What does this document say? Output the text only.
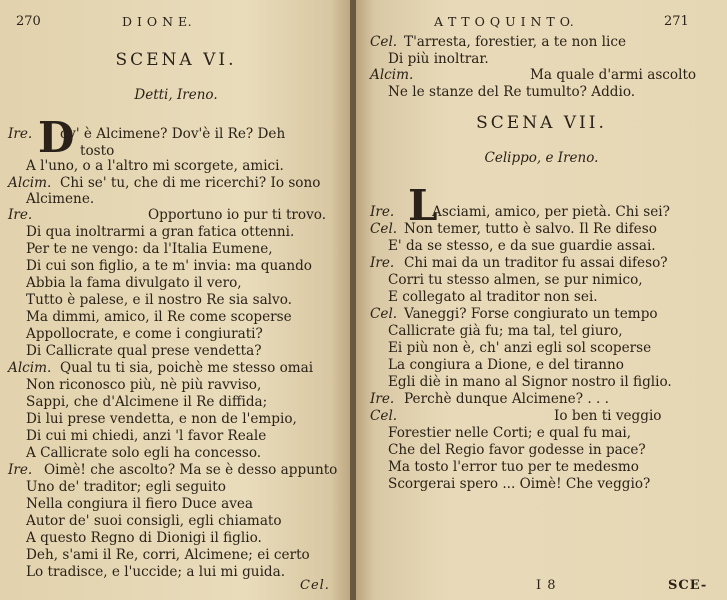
270	D I O N E.
SCENA VI.
Detti, Ireno.
D
Ire. ov' è Alcimene? Dov'è il Re? Deh
tosto
A l'uno, o a l'altro mi scorgete, amici.
Alcim. Chi se' tu, che di me ricerchi? Io sono
Alcimene.
Ire.	Opportuno io pur ti trovo.
Di qua inoltrarmi a gran fatica ottenni.
Per te ne vengo: da l'Italia Eumene,
Di cui son figlio, a te m' invia: ma quando
Abbia la fama divulgato il vero,
Tutto è palese, e il nostro Re sia salvo.
Ma dimmi, amico, il Re come scoperse
Appollocrate, e come i congiurati?
Di Callicrate qual prese vendetta?
Alcim. Qual tu ti sia, poichè me stesso omai
Non riconosco più, nè più ravviso,
Sappi, che d'Alcimene il Re diffida;
Di lui prese vendetta, e non de l'empio,
Di cui mi chiedi, anzi 'l favor Reale
A Callicrate solo egli ha concesso.
Ire. Oimè! che ascolto? Ma se è desso appunto
Uno de' traditor; egli seguito
Nella congiura il fiero Duce avea
Autor de' suoi consigli, egli chiamato
A questo Regno di Dionigi il figlio.
Deh, s'ami il Re, corri, Alcimene; ei certo
Lo tradisce, e l'uccide; a lui mi guida.
Cel.
A T T O Q U I N T O.	271
Cel. T'arresta, forestier, a te non lice
Di più inoltrar.
Alcim.	Ma quale d'armi ascolto
Ne le stanze del Re tumulto? Addio.
SCENA VII.
Celippo, e Ireno.
L
Ire.	Asciami, amico, per pietà. Chi sei?
Cel. Non temer, tutto è salvo. Il Re difeso
E' da se stesso, e da sue guardie assai.
Ire. Chi mai da un traditor fu assai difeso?
Corri tu stesso almen, se pur nimico,
E collegato al traditor non sei.
Cel. Vaneggi? Forse congiurato un tempo
Callicrate già fu; ma tal, tel giuro,
Ei più non è, ch' anzi egli sol scoperse
La congiura a Dione, e del tiranno
Egli diè in mano al Signor nostro il figlio.
Ire. Perchè dunque Alcimene? . . .
Cel.	Io ben ti veggio
Forestier nelle Corti; e qual fu mai,
Che del Regio favor godesse in pace?
Ma tosto l'error tuo per te medesmo
Scorgerai spero ... Oimè! Che veggio?
I 8	SCE-
